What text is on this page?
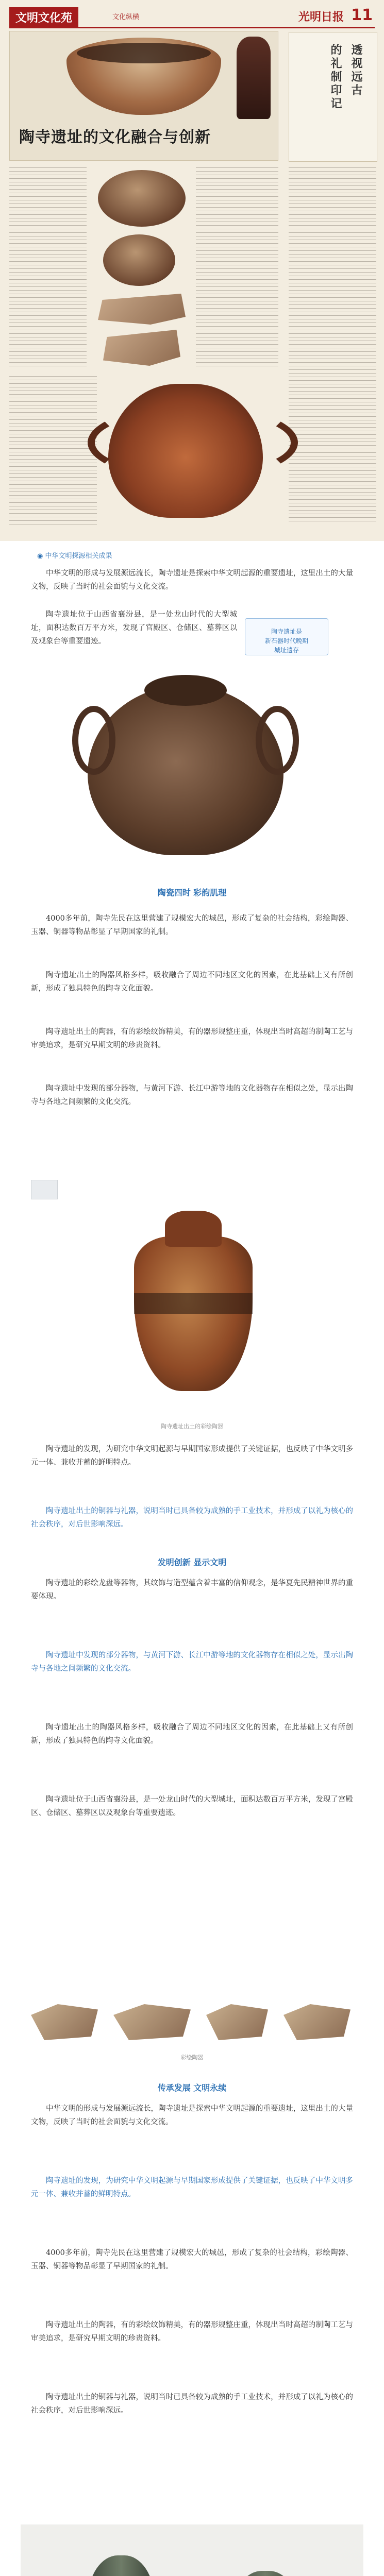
文明文化苑	文化纵横	光明日报 11
陶寺遗址的文化融合与创新
透视远古
的礼制印记
◉ 中华文明探源相关成果
中华文明的形成与发展源远流长，陶寺遗址是探索中华文明起源的重要遗址，这里出土的大量文物，反映了当时的社会面貌与文化交流。
陶寺遗址位于山西省襄汾县，是一处龙山时代的大型城址，面积达数百万平方米，发现了宫殿区、仓储区、墓葬区以及观象台等重要遗迹。
陶寺遗址是
新石器时代晚期
城址遗存
陶瓷四时 彩韵肌理
4000多年前，陶寺先民在这里营建了规模宏大的城邑，形成了复杂的社会结构，彩绘陶器、玉器、铜器等物品彰显了早期国家的礼制。
陶寺遗址出土的陶器风格多样，吸收融合了周边不同地区文化的因素，在此基础上又有所创新，形成了独具特色的陶寺文化面貌。
陶寺遗址出土的陶器，有的彩绘纹饰精美，有的器形规整庄重，体现出当时高超的制陶工艺与审美追求，是研究早期文明的珍贵资料。
陶寺遗址中发现的部分器物，与黄河下游、长江中游等地的文化器物存在相似之处，显示出陶寺与各地之间频繁的文化交流。
陶寺遗址出土的彩绘陶器
陶寺遗址的发现，为研究中华文明起源与早期国家形成提供了关键证据，也反映了中华文明多元一体、兼收并蓄的鲜明特点。
陶寺遗址出土的铜器与礼器，说明当时已具备较为成熟的手工业技术，并形成了以礼为核心的社会秩序，对后世影响深远。
发明创新 显示文明
陶寺遗址的彩绘龙盘等器物，其纹饰与造型蕴含着丰富的信仰观念，是华夏先民精神世界的重要体现。
陶寺遗址中发现的部分器物，与黄河下游、长江中游等地的文化器物存在相似之处，显示出陶寺与各地之间频繁的文化交流。
陶寺遗址出土的陶器风格多样，吸收融合了周边不同地区文化的因素，在此基础上又有所创新，形成了独具特色的陶寺文化面貌。
陶寺遗址位于山西省襄汾县，是一处龙山时代的大型城址，面积达数百万平方米，发现了宫殿区、仓储区、墓葬区以及观象台等重要遗迹。
彩绘陶器
传承发展 文明永续
中华文明的形成与发展源远流长，陶寺遗址是探索中华文明起源的重要遗址，这里出土的大量文物，反映了当时的社会面貌与文化交流。
陶寺遗址的发现，为研究中华文明起源与早期国家形成提供了关键证据，也反映了中华文明多元一体、兼收并蓄的鲜明特点。
4000多年前，陶寺先民在这里营建了规模宏大的城邑，形成了复杂的社会结构，彩绘陶器、玉器、铜器等物品彰显了早期国家的礼制。
陶寺遗址出土的陶器，有的彩绘纹饰精美，有的器形规整庄重，体现出当时高超的制陶工艺与审美追求，是研究早期文明的珍贵资料。
陶寺遗址出土的铜器与礼器，说明当时已具备较为成熟的手工业技术，并形成了以礼为核心的社会秩序，对后世影响深远。
